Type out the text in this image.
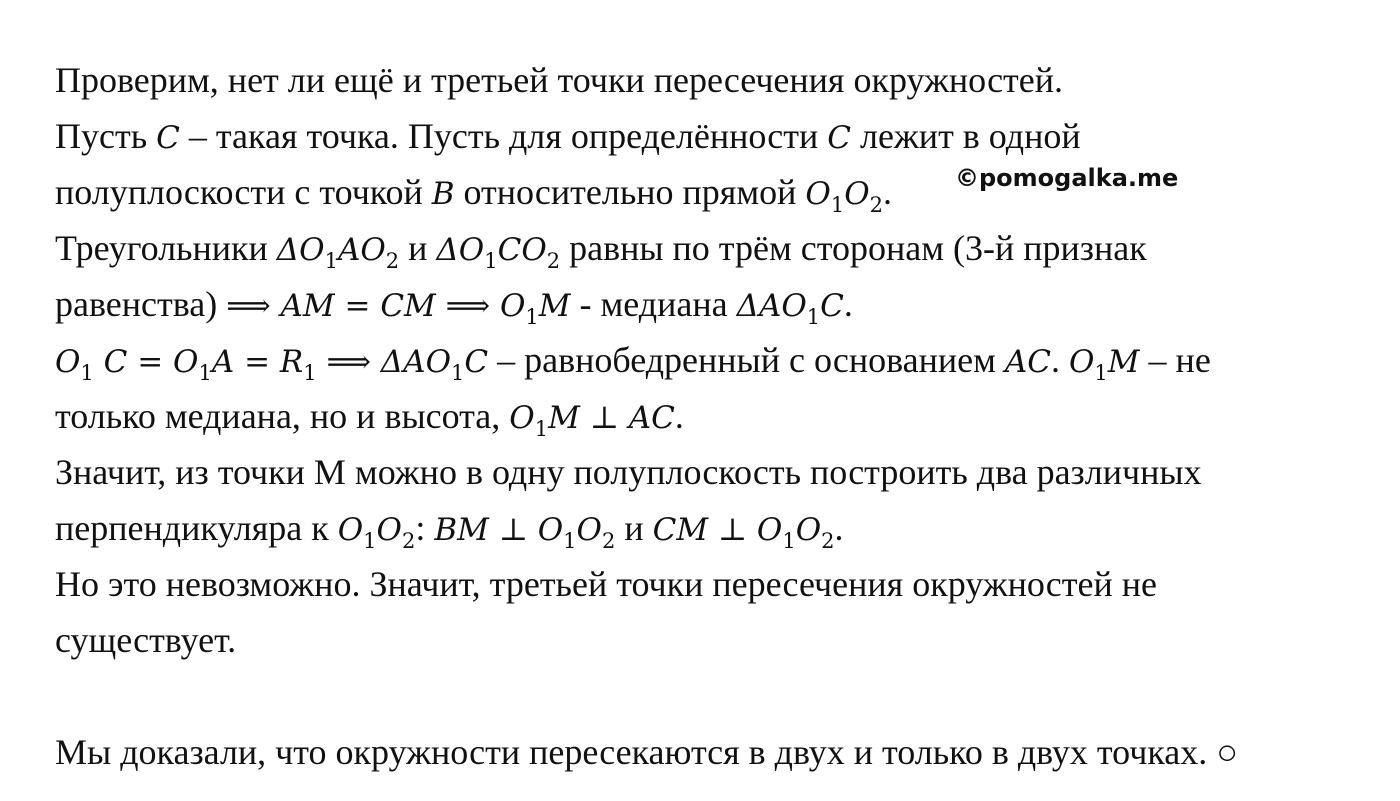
Проверим, нет ли ещё и третьей точки пересечения окружностей.
Пусть C – такая точка. Пусть для определённости C лежит в одной
полуплоскости с точкой B относительно прямой $O_1O_2$.
Треугольники $\Delta O_1AO_2$ и $\Delta O_1CO_2$ равны по трём сторонам (3-й признак
равенства) ⟹ AM = CM ⟹ $O_1M$ - медиана $\Delta AO_1C$.
$O_1$ $C = O_1A = R_1$ ⟹ $\Delta AO_1C$ – равнобедренный с основанием AC. $O_1M$ – не
только медиана, но и высота, $O_1M$ ⊥ AC.
Значит, из точки М можно в одну полуплоскость построить два различных
перпендикуляра к $O_1O_2$: BM ⊥ $O_1O_2$ и CM ⊥ $O_1O_2$.
Но это невозможно. Значит, третьей точки пересечения окружностей не
существует.
Мы доказали, что окружности пересекаются в двух и только в двух точках. ○
©pomogalka.me
